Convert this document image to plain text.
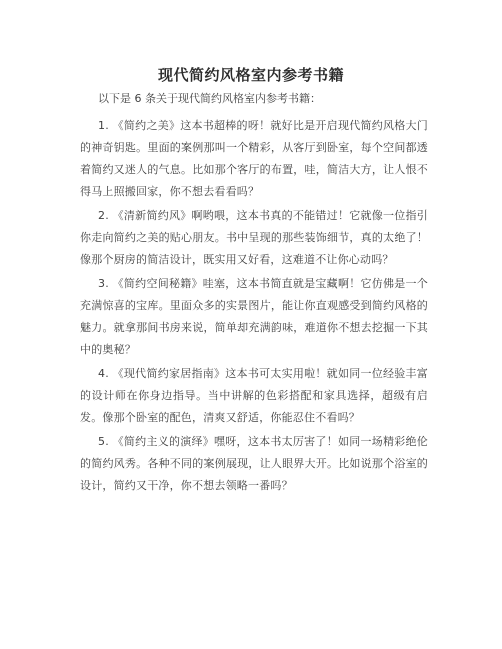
现代简约风格室内参考书籍

以下是 6 条关于现代简约风格室内参考书籍：

1. 《简约之美》这本书超棒的呀！就好比是开启现代简约风格大门的神奇钥匙。里面的案例那叫一个精彩，从客厅到卧室，每个空间都透着简约又迷人的气息。比如那个客厅的布置，哇，简洁大方，让人恨不得马上照搬回家，你不想去看看吗？
2. 《清新简约风》啊哟喂，这本书真的不能错过！它就像一位指引你走向简约之美的贴心朋友。书中呈现的那些装饰细节，真的太绝了！像那个厨房的简洁设计，既实用又好看，这难道不让你心动吗？
3. 《简约空间秘籍》哇塞，这本书简直就是宝藏啊！它仿佛是一个充满惊喜的宝库。里面众多的实景图片，能让你直观感受到简约风格的魅力。就拿那间书房来说，简单却充满韵味，难道你不想去挖掘一下其中的奥秘？
4. 《现代简约家居指南》这本书可太实用啦！就如同一位经验丰富的设计师在你身边指导。当中讲解的色彩搭配和家具选择，超级有启发。像那个卧室的配色，清爽又舒适，你能忍住不看吗？
5. 《简约主义的演绎》嘿呀，这本书太厉害了！如同一场精彩绝伦的简约风秀。各种不同的案例展现，让人眼界大开。比如说那个浴室的设计，简约又干净，你不想去领略一番吗？
